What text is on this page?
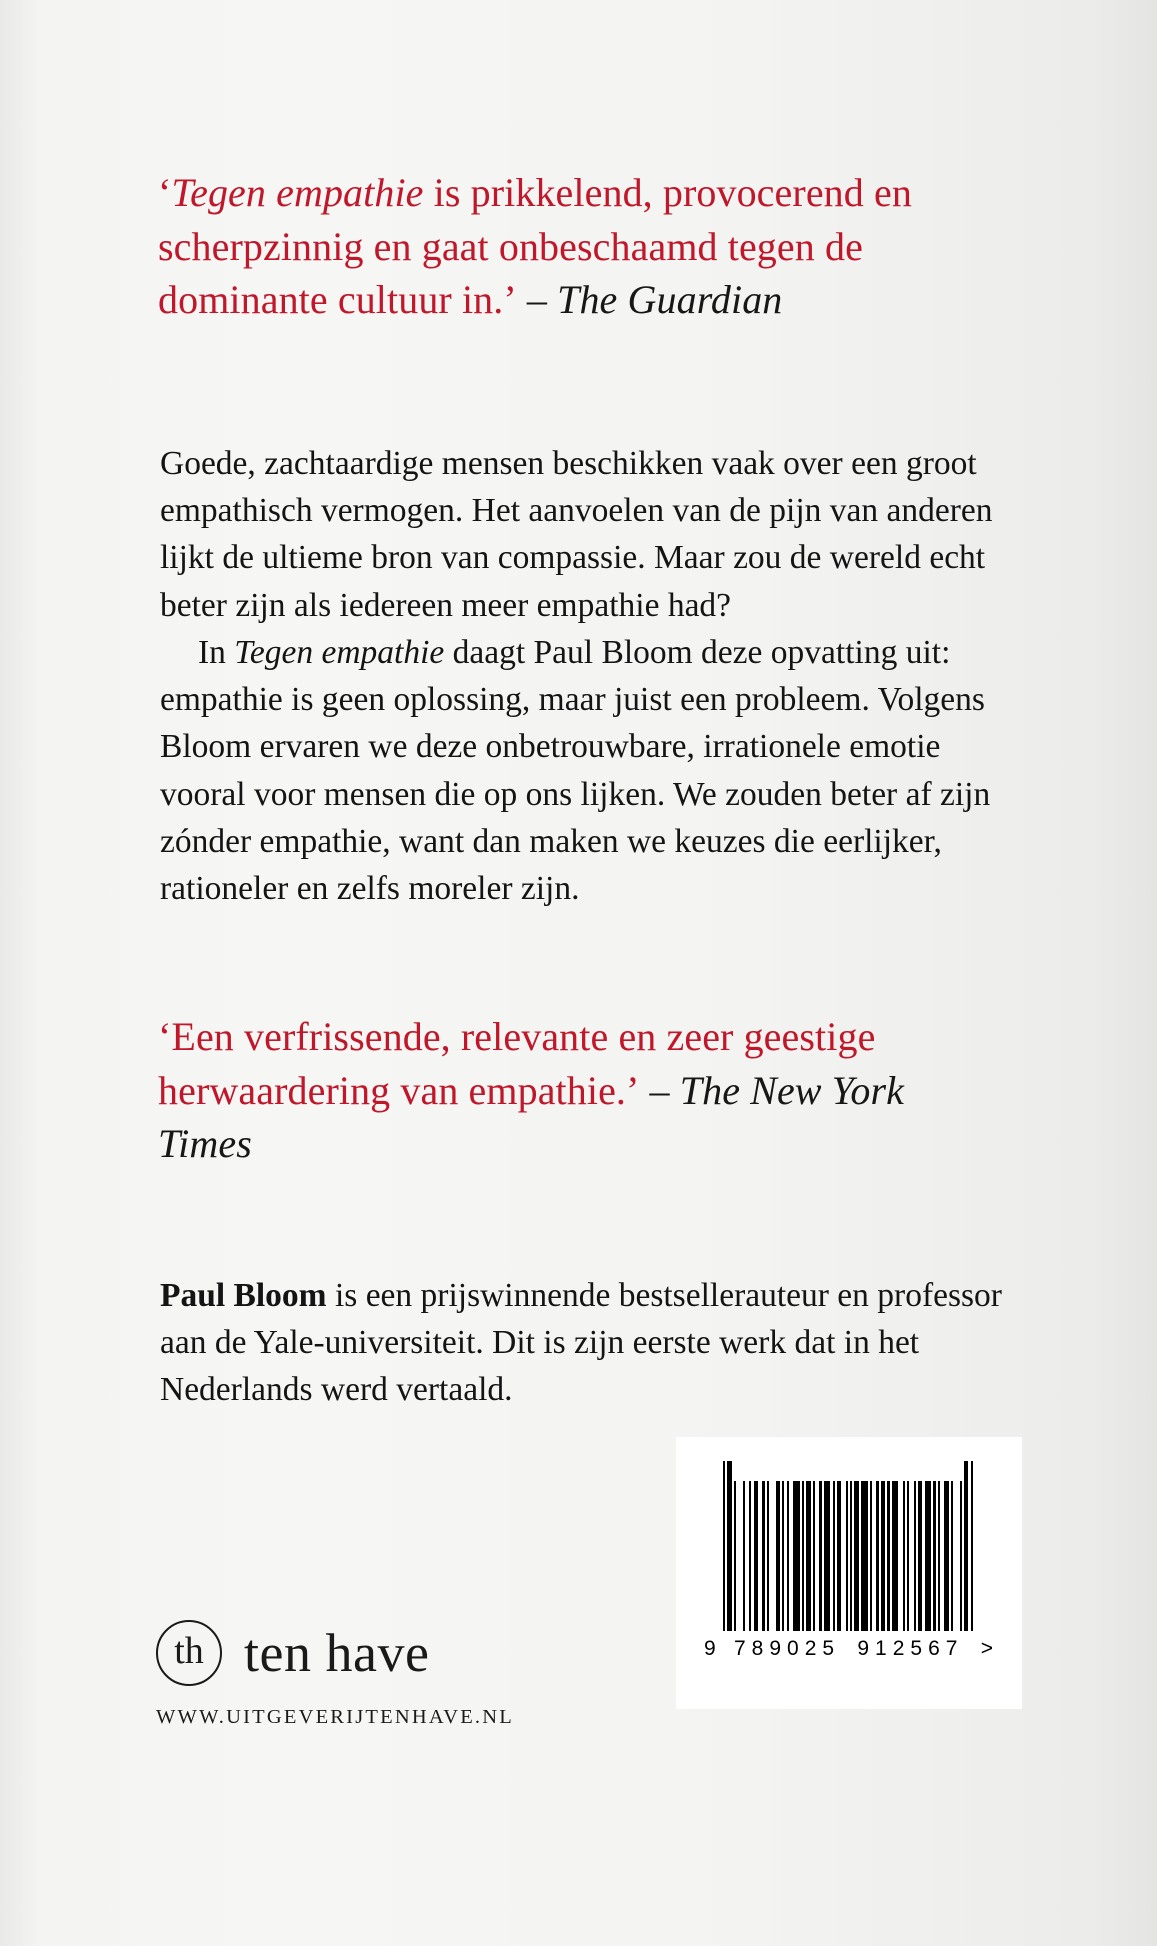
‘Tegen empathie is prikkelend, provocerend en scherpzinnig en gaat onbeschaamd tegen de dominante cultuur in.’ – The Guardian

Goede, zachtaardige mensen beschikken vaak over een groot empathisch vermogen. Het aanvoelen van de pijn van anderen lijkt de ultieme bron van compassie. Maar zou de wereld echt beter zijn als iedereen meer empathie had?

In Tegen empathie daagt Paul Bloom deze opvatting uit: empathie is geen oplossing, maar juist een probleem. Volgens Bloom ervaren we deze onbetrouwbare, irrationele emotie vooral voor mensen die op ons lijken. We zouden beter af zijn zónder empathie, want dan maken we keuzes die eerlijker, rationeler en zelfs moreler zijn.

‘Een verfrissende, relevante en zeer geestige herwaardering van empathie.’ – The New York Times
Paul Bloom is een prijswinnende bestsellerauteur en professor aan de Yale-universiteit. Dit is zijn eerste werk dat in het Nederlands werd vertaald.
th ten have
WWW.UITGEVERIJTENHAVE.NL
9 789025 912567 >
